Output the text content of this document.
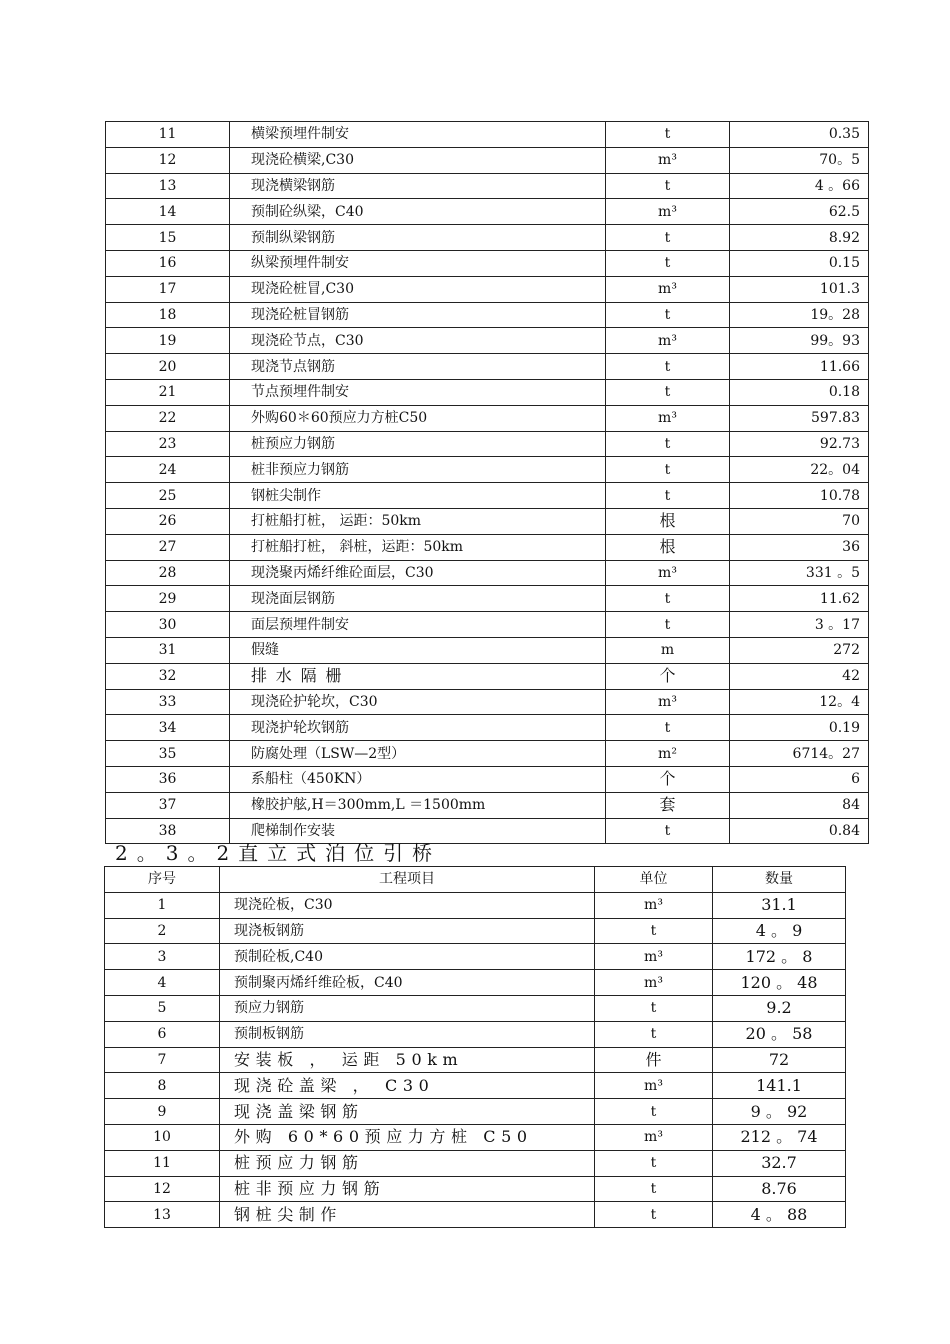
11	横梁预埋件制安	t	0.35
12	现浇砼横梁,C30	m³	70。5
13	现浇横梁钢筋	t	4 。66
14	预制砼纵梁，C40	m³	62.5
15	预制纵梁钢筋	t	8.92
16	纵梁预埋件制安	t	0.15
17	现浇砼桩冒,C30	m³	101.3
18	现浇砼桩冒钢筋	t	19。28
19	现浇砼节点，C30	m³	99。93
20	现浇节点钢筋	t	11.66
21	节点预埋件制安	t	0.18
22	外购60＊60预应力方桩C50	m³	597.83
23	桩预应力钢筋	t	92.73
24	桩非预应力钢筋	t	22。04
25	钢桩尖制作	t	10.78
26	打桩船打桩， 运距：50km	根	70
27	打桩船打桩， 斜桩，运距：50km	根	36
28	现浇聚丙烯纤维砼面层，C30	m³	331 。5
29	现浇面层钢筋	t	11.62
30	面层预埋件制安	t	3 。17
31	假缝	m	272
32	排水隔栅	个	42
33	现浇砼护轮坎，C30	m³	12。4
34	现浇护轮坎钢筋	t	0.19
35	防腐处理（LSW—2型）	m²	6714。27
36	系船柱（450KN）	个	6
37	橡胶护舷,H＝300mm,L ＝1500mm	套	84
38	爬梯制作安装	t	0.84
2。3。2直立式泊位引桥
序号	工程项目	单位	数量
1	现浇砼板，C30	m³	31.1
2	现浇板钢筋	t	4 。 9
3	预制砼板,C40	m³	172 。 8
4	预制聚丙烯纤维砼板，C40	m³	120 。 48
5	预应力钢筋	t	9.2
6	预制板钢筋	t	20 。 58
7	安装板 ， 运距 50km	件	72
8	现浇砼盖梁 ， C30	m³	141.1
9	现浇盖梁钢筋	t	9 。 92
10	外购 60*60预应力方桩 C50	m³	212 。 74
11	桩预应力钢筋	t	32.7
12	桩非预应力钢筋	t	8.76
13	钢桩尖制作	t	4 。 88
